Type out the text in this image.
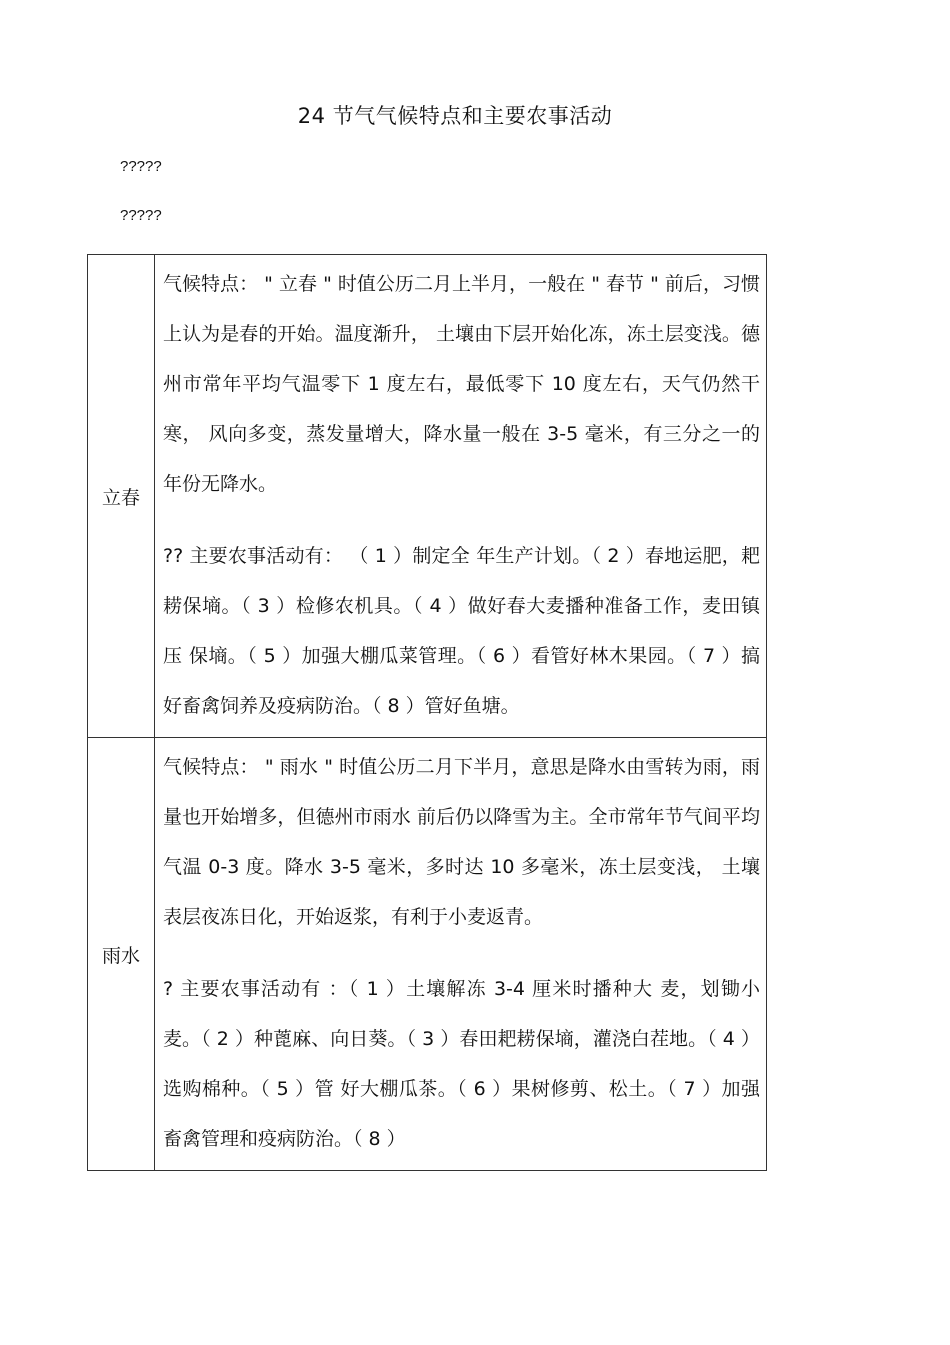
24 节气气候特点和主要农事活动
?????
?????
立春	气候特点： " 立春 " 时值公历二月上半月，一般在 " 春节 " 前后，习惯上认为是春的开始。温度渐升， 土壤由下层开始化冻，冻土层变浅。德州市常年平均气温零下 1 度左右，最低零下 10 度左右，天气仍然干寒， 风向多变，蒸发量增大，降水量一般在 3-5 毫米，有三分之一的年份无降水。

?? 主要农事活动有： （ 1 ）制定全 年生产计划。（ 2 ）春地运肥，耙耢保墒。（ 3 ）检修农机具。（ 4 ）做好春大麦播种准备工作，麦田镇压 保墒。（ 5 ）加强大棚瓜菜管理。（ 6 ）看管好林木果园。（ 7 ）搞好畜禽饲养及疫病防治。（ 8 ）管好鱼塘。

雨水	气候特点： " 雨水 " 时值公历二月下半月，意思是降水由雪转为雨，雨量也开始增多，但德州市雨水 前后仍以降雪为主。全市常年节气间平均气温 0-3 度。降水 3-5 毫米，多时达 10 多毫米，冻土层变浅， 土壤表层夜冻日化，开始返浆，有利于小麦返青。

? 主要农事活动有 ：（ 1 ）土壤解冻 3-4 厘米时播种大 麦，划锄小麦。（ 2 ）种蓖麻、向日葵。（ 3 ）春田耙耢保墒，灌浇白茬地。（ 4 ）选购棉种。（ 5 ）管 好大棚瓜茶。（ 6 ）果树修剪、松土。（ 7 ）加强畜禽管理和疫病防治。（ 8 ）
